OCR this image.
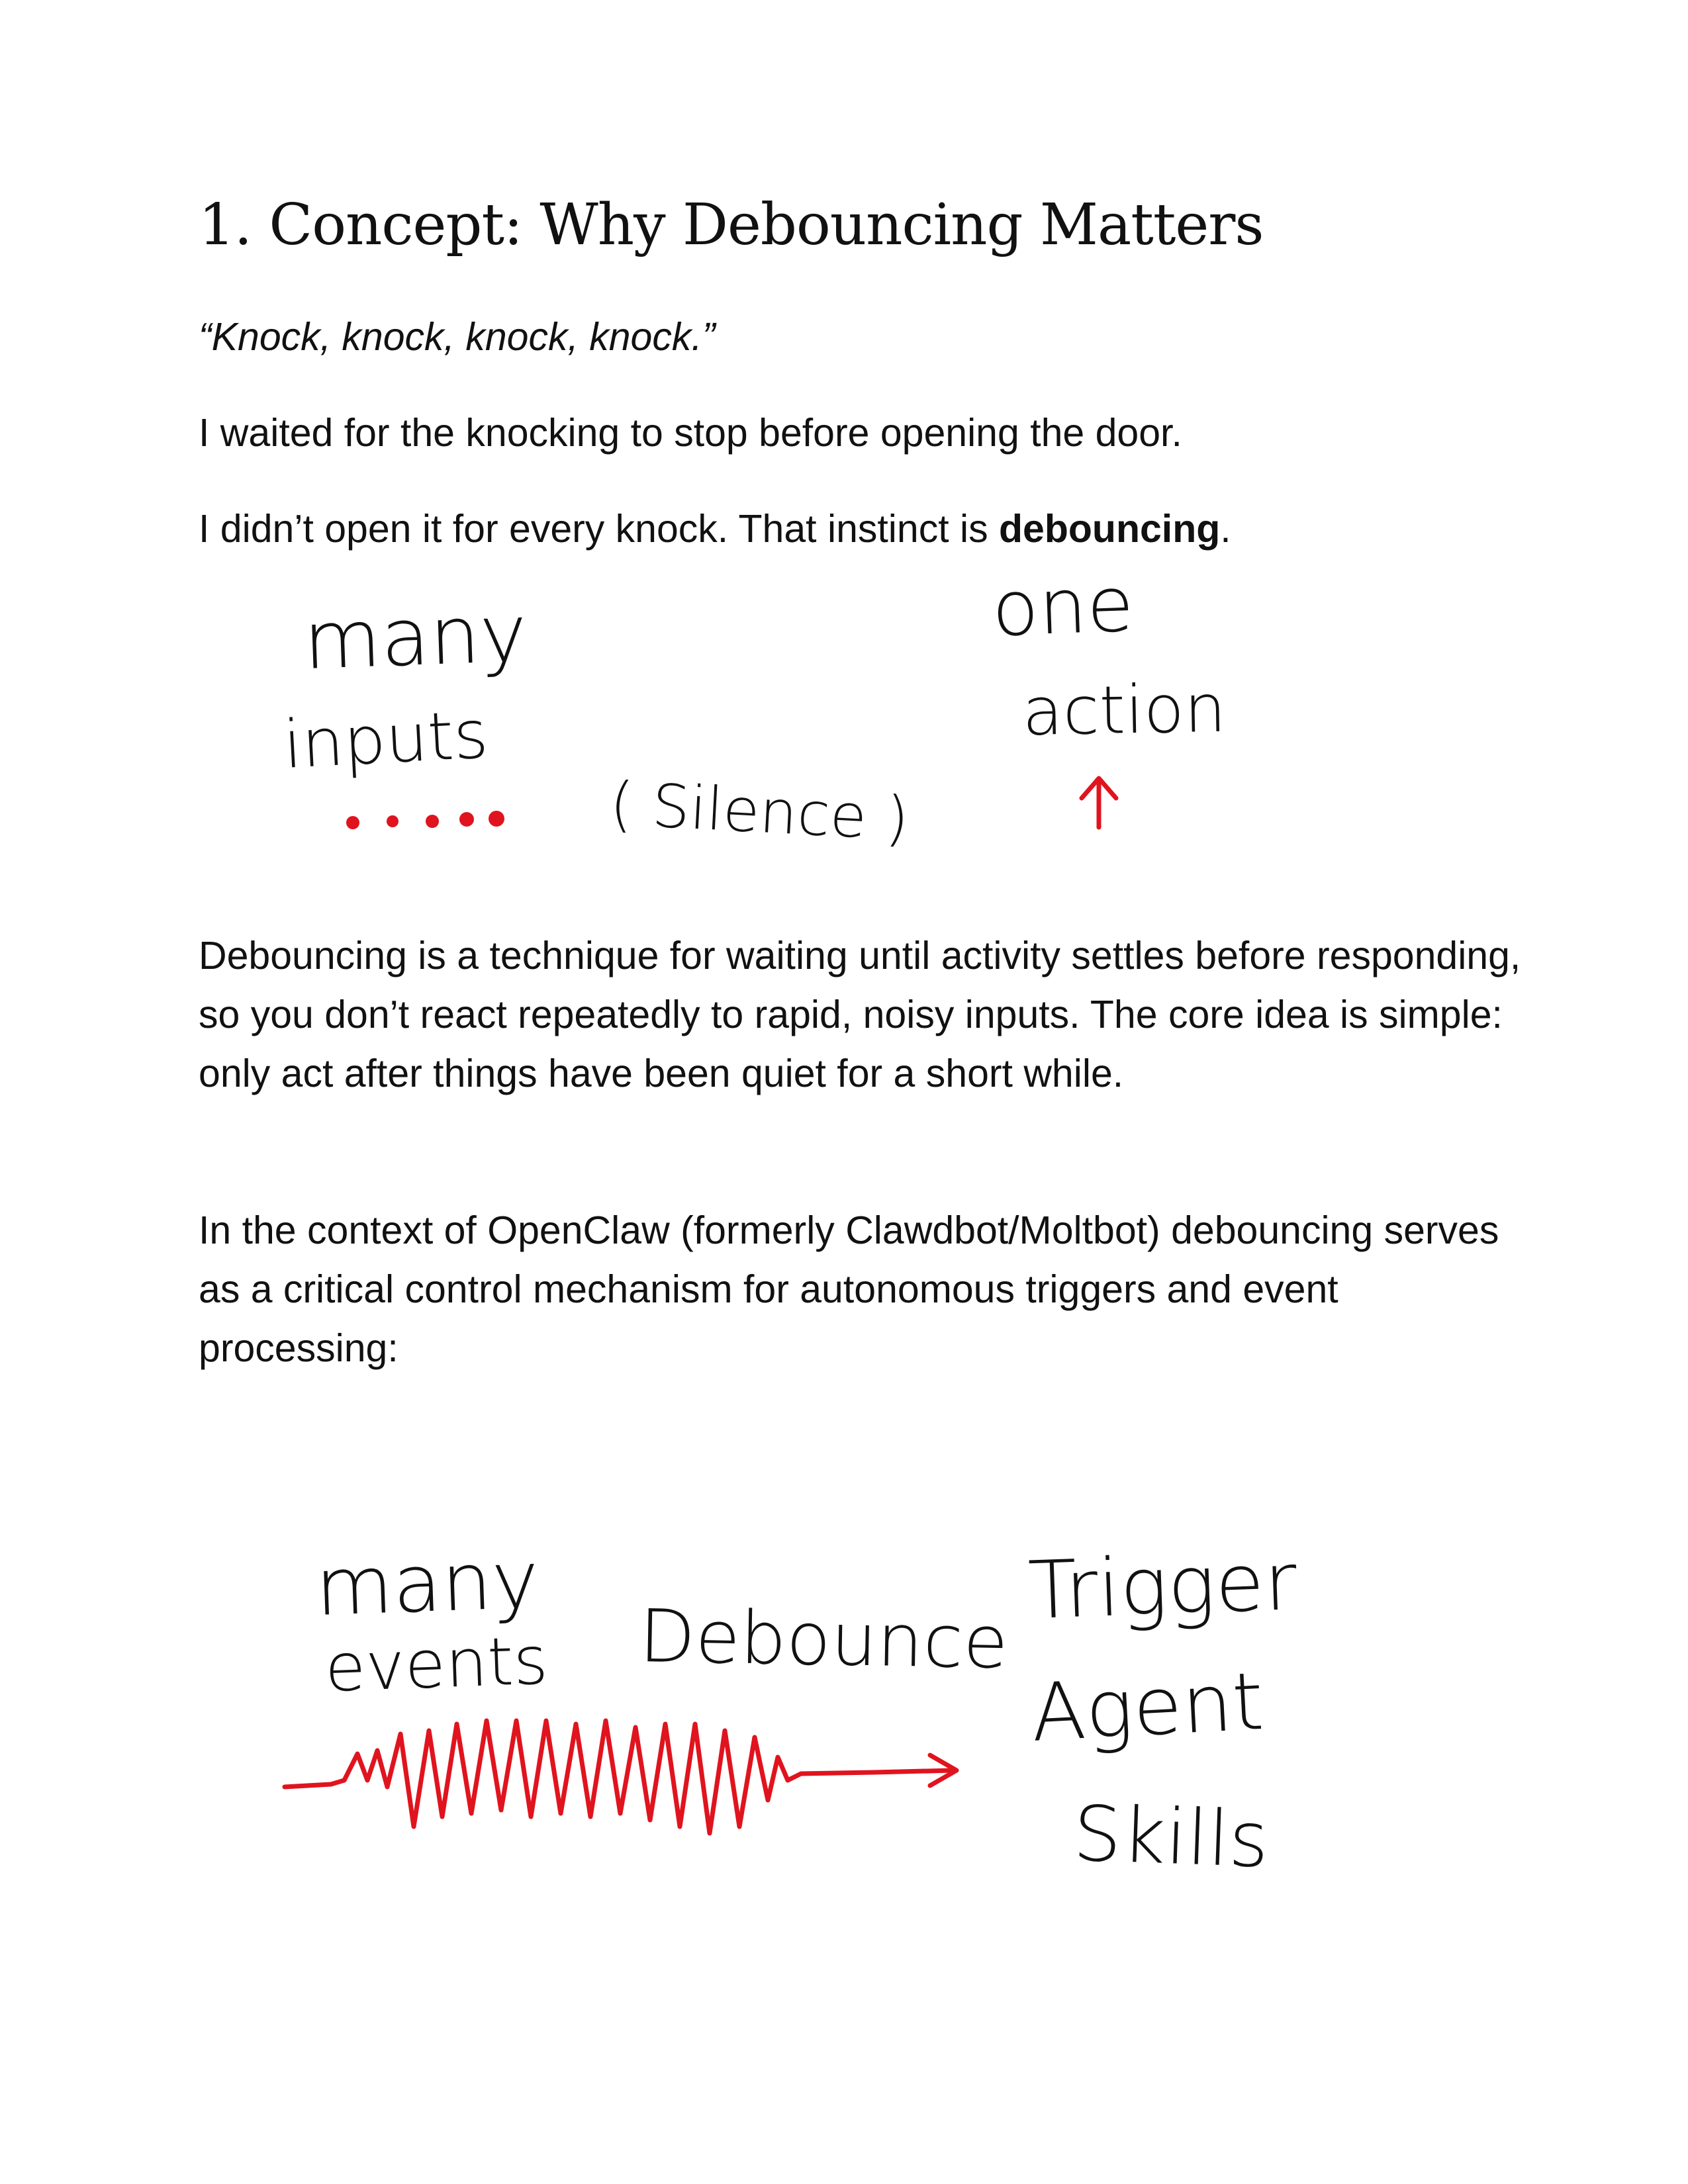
1. Concept: Why Debouncing Matters

“Knock, knock, knock, knock.”

I waited for the knocking to stop before opening the door.

I didn’t open it for every knock. That instinct is debouncing.

Debouncing is a technique for waiting until activity settles before responding, so you don’t react repeatedly to rapid, noisy inputs. The core idea is simple: only act after things have been quiet for a short while.

In the context of OpenClaw (formerly Clawdbot/Moltbot) debouncing serves as a critical control mechanism for autonomous triggers and event processing:

many
inputs
( Silence )
one
action
many
events Debounce
Trigger
Agent
Skills
